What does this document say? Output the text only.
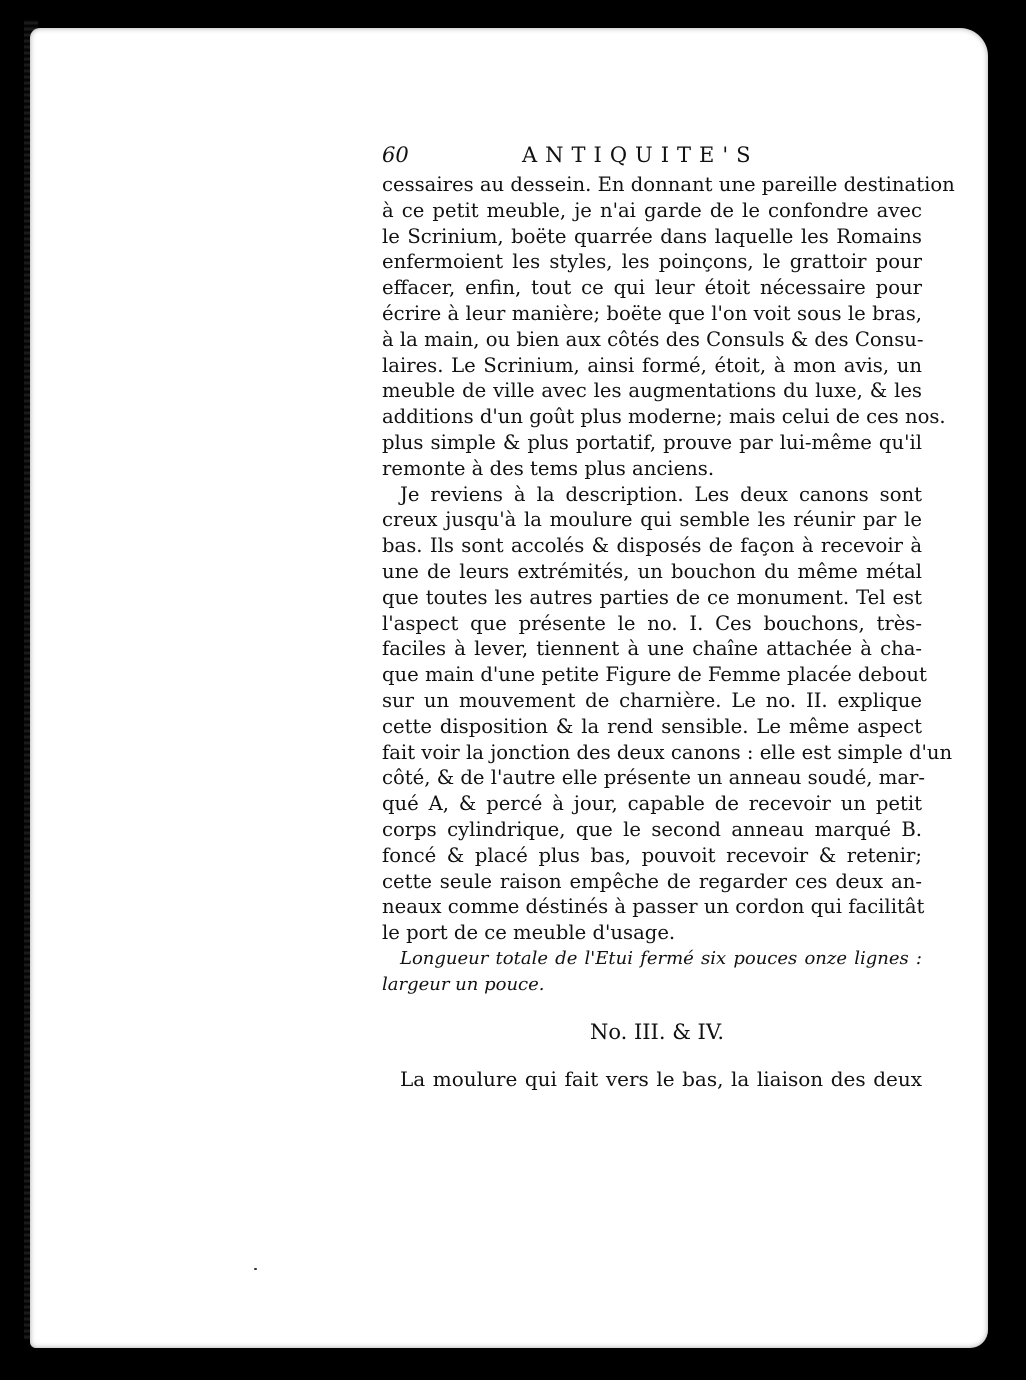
60	ANTIQUITE'S
cessaires au dessein. En donnant une pareille destination
à ce petit meuble, je n'ai garde de le confondre avec
le Scrinium, boëte quarrée dans laquelle les Romains
enfermoient les styles, les poinçons, le grattoir pour
effacer, enfin, tout ce qui leur étoit nécessaire pour
écrire à leur manière; boëte que l'on voit sous le bras,
à la main, ou bien aux côtés des Consuls & des Consu-
laires. Le Scrinium, ainsi formé, étoit, à mon avis, un
meuble de ville avec les augmentations du luxe, & les
additions d'un goût plus moderne; mais celui de ces nos.
plus simple & plus portatif, prouve par lui-même qu'il
remonte à des tems plus anciens.
Je reviens à la description. Les deux canons sont
creux jusqu'à la moulure qui semble les réunir par le
bas. Ils sont accolés & disposés de façon à recevoir à
une de leurs extrémités, un bouchon du même métal
que toutes les autres parties de ce monument. Tel est
l'aspect que présente le no. I. Ces bouchons, très-
faciles à lever, tiennent à une chaîne attachée à cha-
que main d'une petite Figure de Femme placée debout
sur un mouvement de charnière. Le no. II. explique
cette disposition & la rend sensible. Le même aspect
fait voir la jonction des deux canons : elle est simple d'un
côté, & de l'autre elle présente un anneau soudé, mar-
qué A, & percé à jour, capable de recevoir un petit
corps cylindrique, que le second anneau marqué B.
foncé & placé plus bas, pouvoit recevoir & retenir;
cette seule raison empêche de regarder ces deux an-
neaux comme déstinés à passer un cordon qui facilitât
le port de ce meuble d'usage.
Longueur totale de l'Etui fermé six pouces onze lignes :
largeur un pouce.
No. III. & IV.
La moulure qui fait vers le bas, la liaison des deux
